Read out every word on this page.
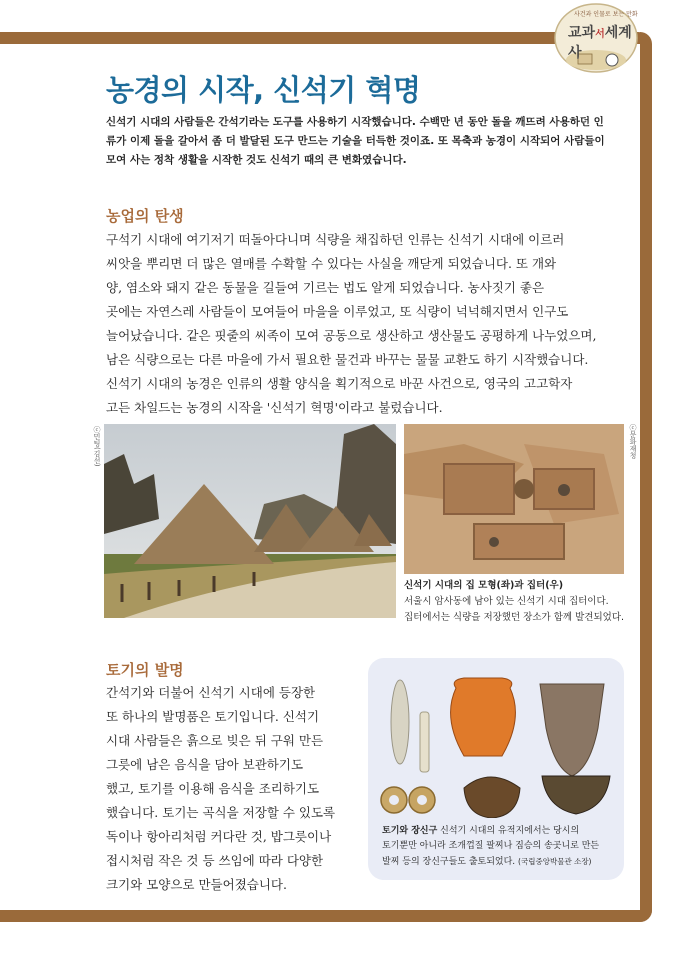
사건과 인물로 보는 만화
교과서세계사
농경의 시작, 신석기 혁명

신석기 시대의 사람들은 간석기라는 도구를 사용하기 시작했습니다. 수백만 년 동안 돌을 깨뜨려 사용하던 인류가 이제 돌을 갈아서 좀 더 발달된 도구 만드는 기술을 터득한 것이죠. 또 목축과 농경이 시작되어 사람들이 모여 사는 정착 생활을 시작한 것도 신석기 때의 큰 변화였습니다.

농업의 탄생
구석기 시대에 여기저기 떠돌아다니며 식량을 채집하던 인류는 신석기 시대에 이르러
씨앗을 뿌리면 더 많은 열매를 수확할 수 있다는 사실을 깨닫게 되었습니다. 또 개와
양, 염소와 돼지 같은 동물을 길들여 기르는 법도 알게 되었습니다. 농사짓기 좋은
곳에는 자연스레 사람들이 모여들어 마을을 이루었고, 또 식량이 넉넉해지면서 인구도
늘어났습니다. 같은 핏줄의 씨족이 모여 공동으로 생산하고 생산물도 공평하게 나누었으며,
남은 식량으로는 다른 마을에 가서 필요한 물건과 바꾸는 물물 교환도 하기 시작했습니다.
신석기 시대의 농경은 인류의 생활 양식을 획기적으로 바꾼 사건으로, 영국의 고고학자
고든 차일드는 농경의 시작을 '신석기 혁명'이라고 불렀습니다.
ⓒ민팅(김선)	ⓒ문화재청
신석기 시대의 집 모형(좌)과 집터(우)
서울시 암사동에 남아 있는 신석기 시대 집터이다.
집터에서는 식량을 저장했던 장소가 함께 발견되었다.
토기의 발명
간석기와 더불어 신석기 시대에 등장한
또 하나의 발명품은 토기입니다. 신석기
시대 사람들은 흙으로 빚은 뒤 구워 만든
그릇에 남은 음식을 담아 보관하기도
했고, 토기를 이용해 음식을 조리하기도
했습니다. 토기는 곡식을 저장할 수 있도록
독이나 항아리처럼 커다란 것, 밥그릇이나
접시처럼 작은 것 등 쓰임에 따라 다양한
크기와 모양으로 만들어졌습니다.
토기와 장신구 신석기 시대의 유적지에서는 당시의
토기뿐만 아니라 조개껍질 팔찌나 짐승의 송곳니로 만든
발찌 등의 장신구들도 출토되었다. (국립중앙박물관 소장)
